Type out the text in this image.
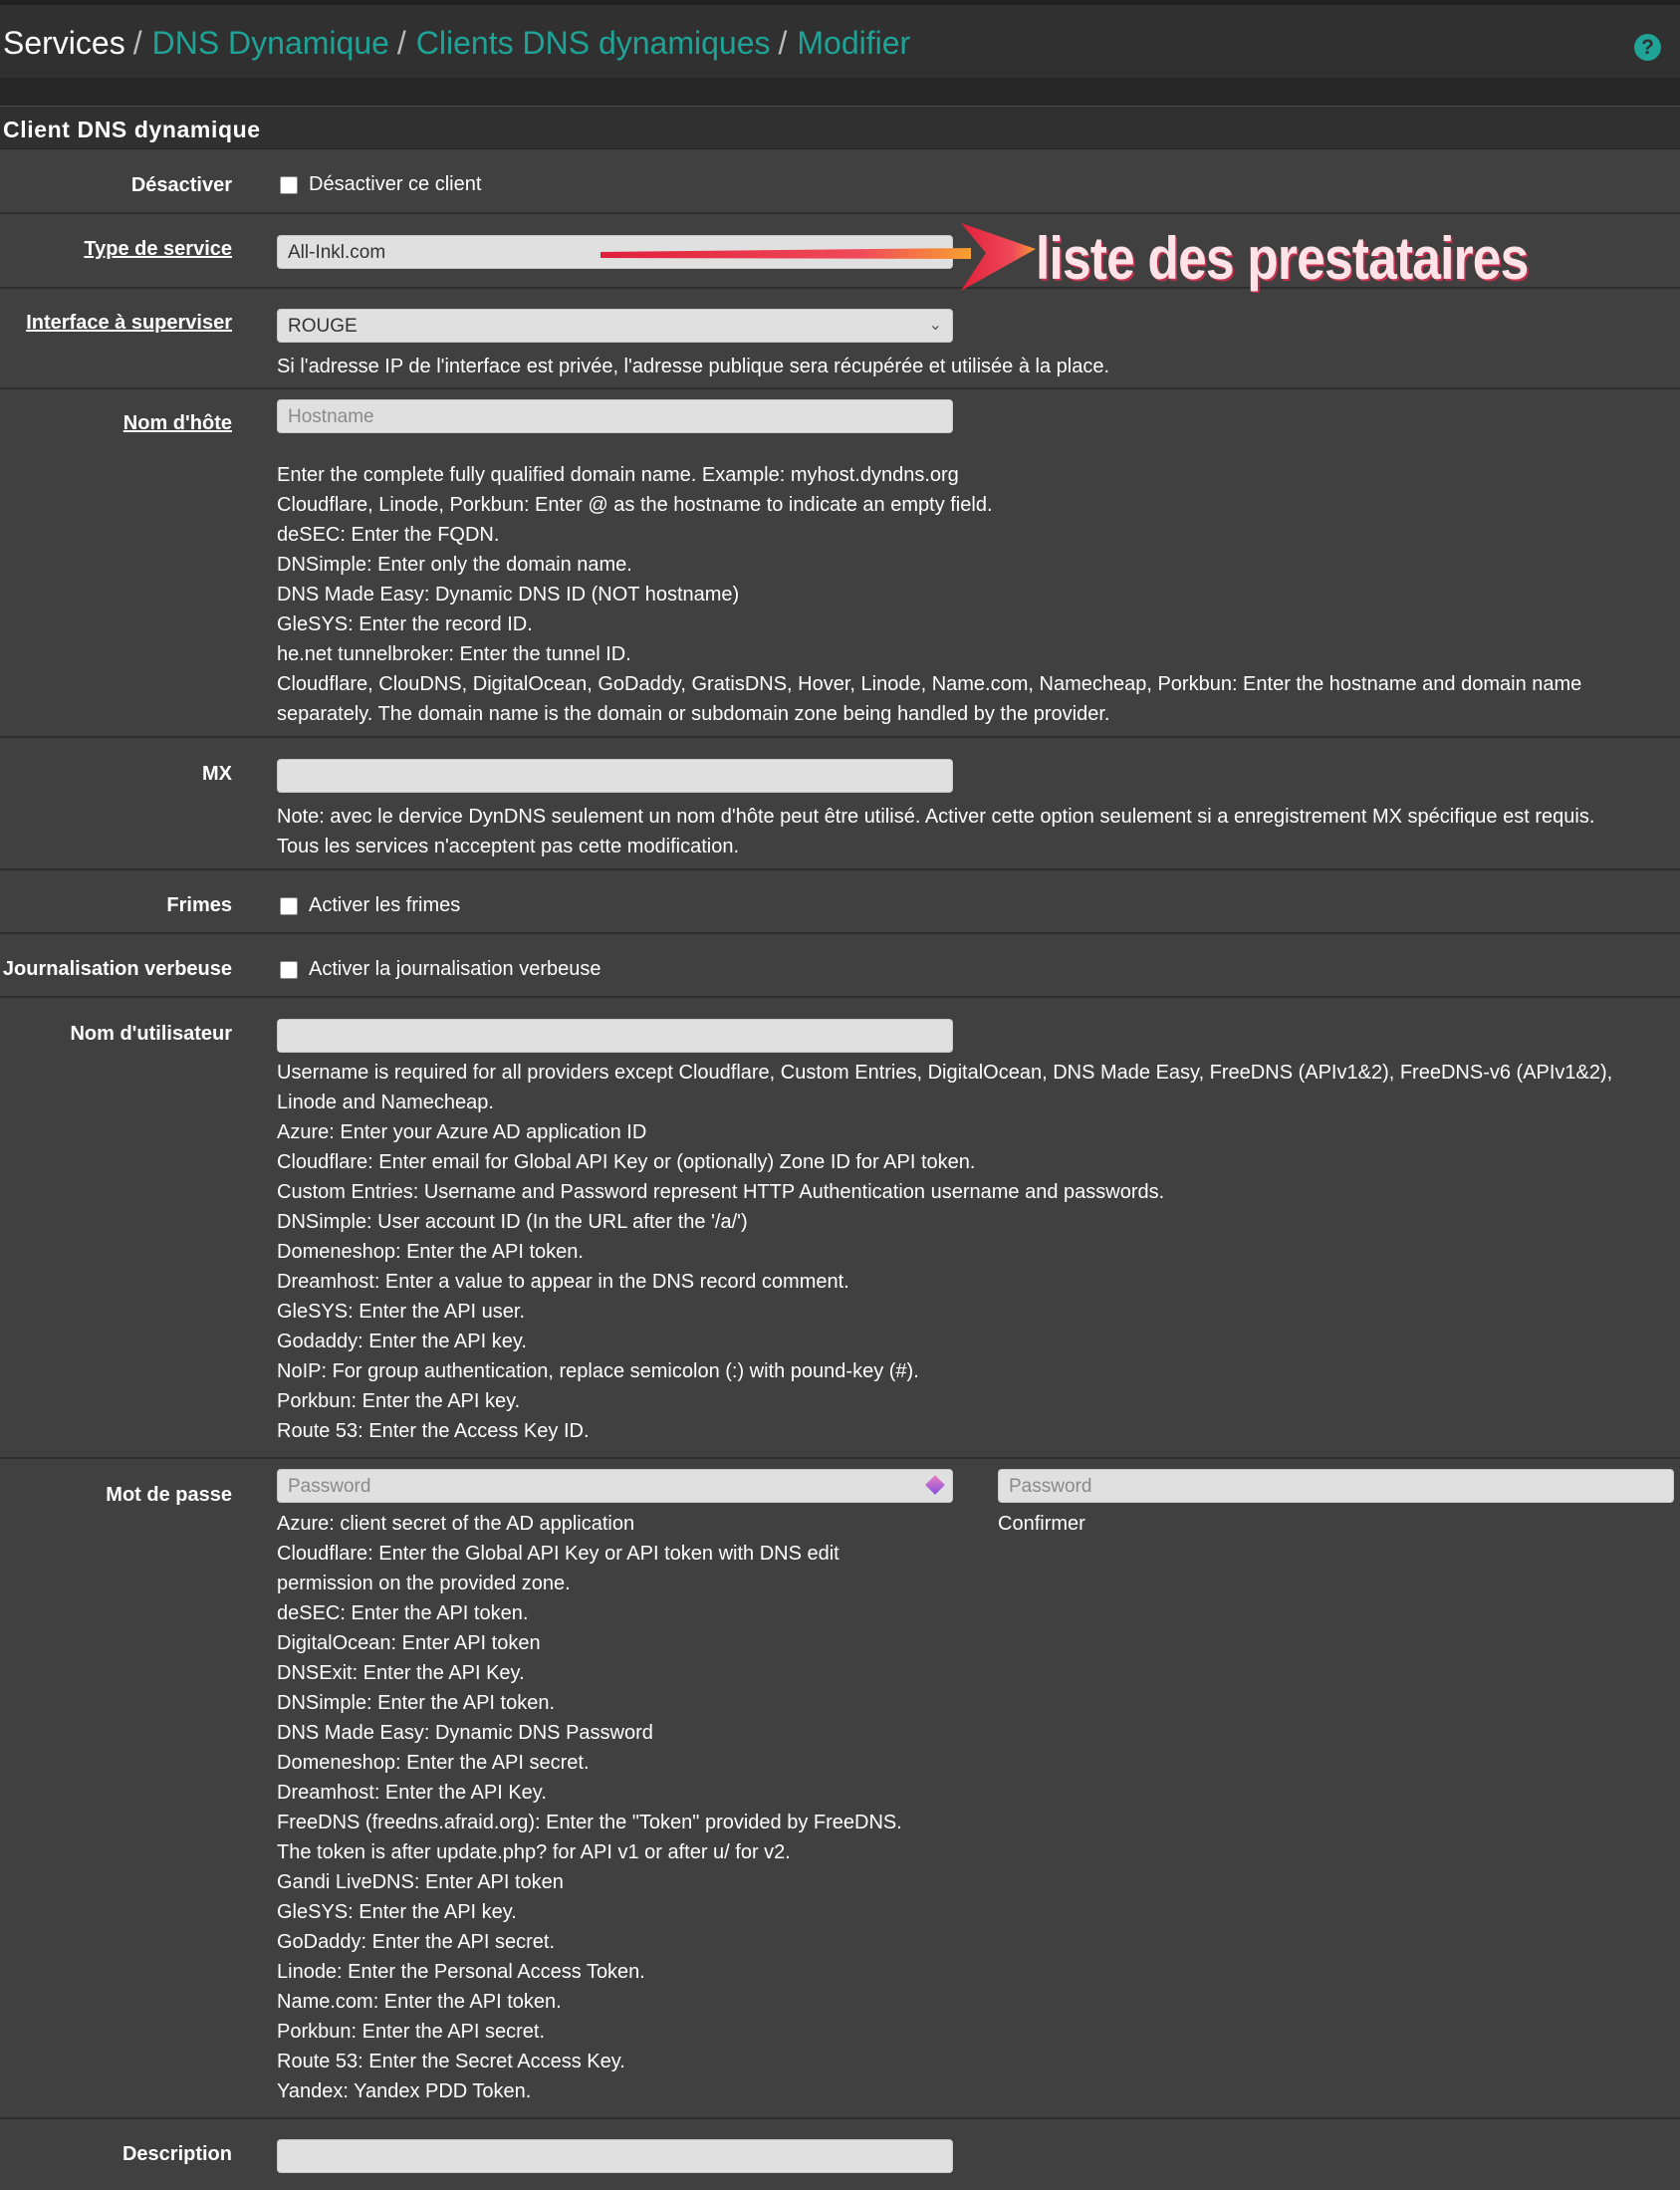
Services / DNS Dynamique / Clients DNS dynamiques / Modifier	?
Client DNS dynamique
Désactiver	Désactiver ce client
Type de service	All-Inkl.com
Interface à superviser	ROUGE	⌄
Si l'adresse IP de l'interface est privée, l'adresse publique sera récupérée et utilisée à la place.
Nom d'hôte	Hostname
Enter the complete fully qualified domain name. Example: myhost.dyndns.org
Cloudflare, Linode, Porkbun: Enter @ as the hostname to indicate an empty field.
deSEC: Enter the FQDN.
DNSimple: Enter only the domain name.
DNS Made Easy: Dynamic DNS ID (NOT hostname)
GleSYS: Enter the record ID.
he.net tunnelbroker: Enter the tunnel ID.
Cloudflare, ClouDNS, DigitalOcean, GoDaddy, GratisDNS, Hover, Linode, Name.com, Namecheap, Porkbun: Enter the hostname and domain name
separately. The domain name is the domain or subdomain zone being handled by the provider.
MX
Note: avec le dervice DynDNS seulement un nom d'hôte peut être utilisé. Activer cette option seulement si a enregistrement MX spécifique est requis.
Tous les services n'acceptent pas cette modification.
Frimes	Activer les frimes
Journalisation verbeuse	Activer la journalisation verbeuse
Nom d'utilisateur
Username is required for all providers except Cloudflare, Custom Entries, DigitalOcean, DNS Made Easy, FreeDNS (APIv1&2), FreeDNS-v6 (APIv1&2),
Linode and Namecheap.
Azure: Enter your Azure AD application ID
Cloudflare: Enter email for Global API Key or (optionally) Zone ID for API token.
Custom Entries: Username and Password represent HTTP Authentication username and passwords.
DNSimple: User account ID (In the URL after the '/a/')
Domeneshop: Enter the API token.
Dreamhost: Enter a value to appear in the DNS record comment.
GleSYS: Enter the API user.
Godaddy: Enter the API key.
NoIP: For group authentication, replace semicolon (:) with pound-key (#).
Porkbun: Enter the API key.
Route 53: Enter the Access Key ID.
Mot de passe	Password	Password
Confirmer
Azure: client secret of the AD application
Cloudflare: Enter the Global API Key or API token with DNS edit
permission on the provided zone.
deSEC: Enter the API token.
DigitalOcean: Enter API token
DNSExit: Enter the API Key.
DNSimple: Enter the API token.
DNS Made Easy: Dynamic DNS Password
Domeneshop: Enter the API secret.
Dreamhost: Enter the API Key.
FreeDNS (freedns.afraid.org): Enter the "Token" provided by FreeDNS.
The token is after update.php? for API v1 or after u/ for v2.
Gandi LiveDNS: Enter API token
GleSYS: Enter the API key.
GoDaddy: Enter the API secret.
Linode: Enter the Personal Access Token.
Name.com: Enter the API token.
Porkbun: Enter the API secret.
Route 53: Enter the Secret Access Key.
Yandex: Yandex PDD Token.
Description
liste des prestataires
